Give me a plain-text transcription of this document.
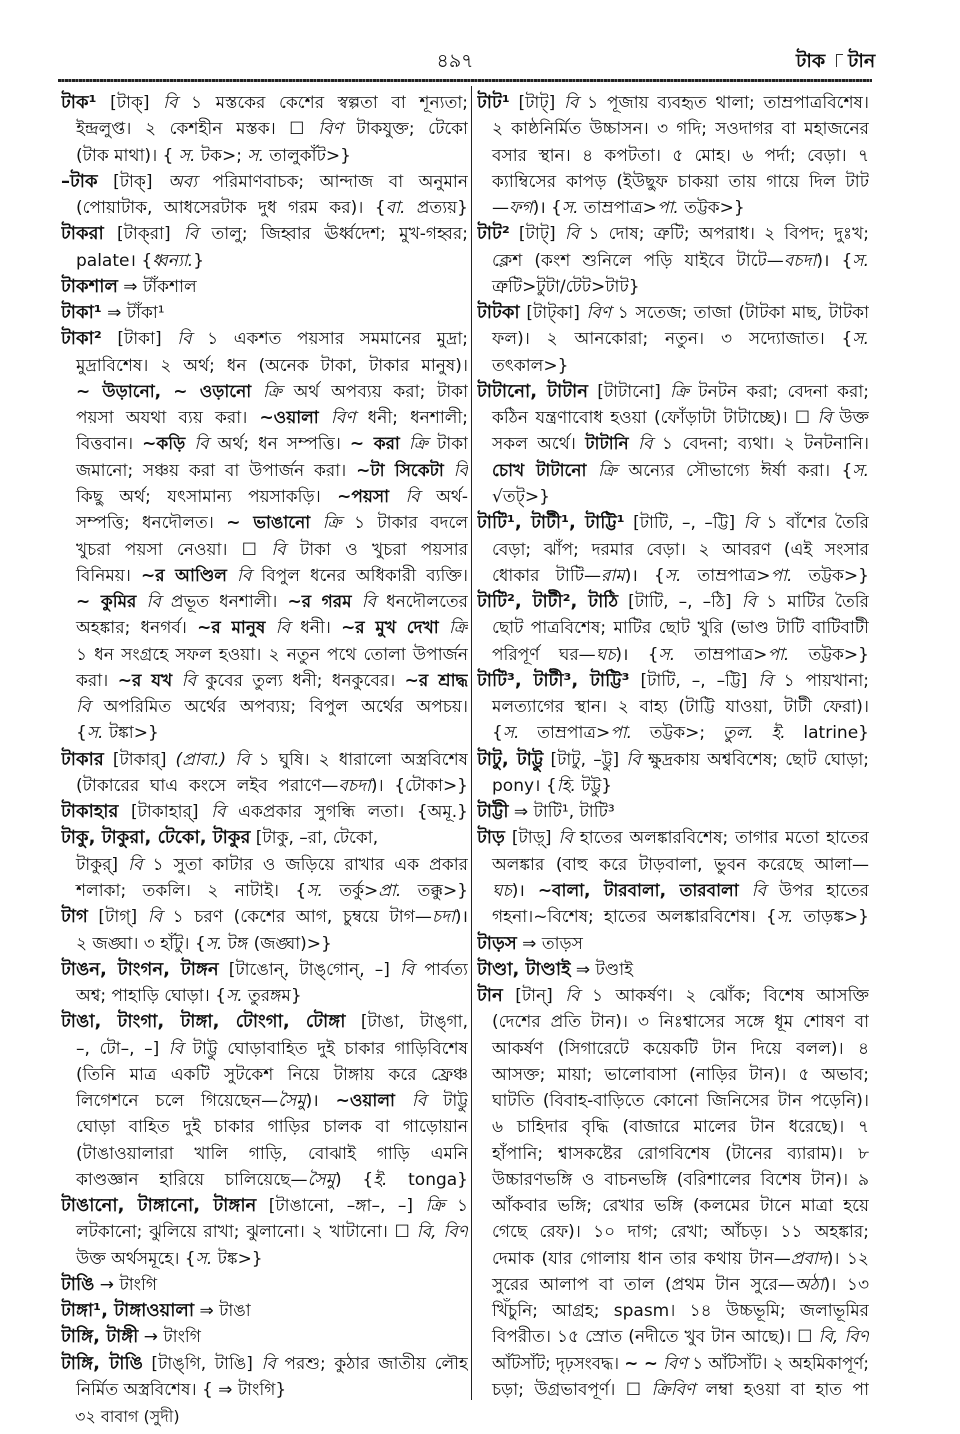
৪৯৭	টাক টান
টাক¹ [টাক্] বি ১ মস্তকের কেশের স্বল্পতা বা শূন্যতা;
ইন্দ্রলুপ্ত। ২ কেশহীন মস্তক। ☐ বিণ টাকযুক্ত; টেকো
(টাক মাথা)। { স. টক>; স. তালুকাঁট>}
–টাক [টাক্] অব্য পরিমাণবাচক; আন্দাজ বা অনুমান
(পোয়াটাক, আধসেরটাক দুধ গরম কর)। {বা. প্রত্যয়}
টাকরা [টাক্‌রা] বি তালু; জিহ্বার ঊর্ধ্বদেশ; মুখ-গহ্বর;
palate। {ধ্বন্যা.}
টাকশাল ⇒ টাঁকশাল
টাকা¹ ⇒ টাঁকা¹
টাকা² [টাকা] বি ১ একশত পয়সার সমমানের মুদ্রা;
মুদ্রাবিশেষ। ২ অর্থ; ধন (অনেক টাকা, টাকার মানুষ)।
~ উড়ানো, ~ ওড়ানো ক্রি অর্থ অপব্যয় করা; টাকা
পয়সা অযথা ব্যয় করা। ~ওয়ালা বিণ ধনী; ধনশালী;
বিত্তবান। ~কড়ি বি অর্থ; ধন সম্পত্তি। ~ করা ক্রি টাকা
জমানো; সঞ্চয় করা বা উপার্জন করা। ~টা সিকেটা বি
কিছু অর্থ; যৎসামান্য পয়সাকড়ি। ~পয়সা বি অর্থ-
সম্পত্তি; ধনদৌলত। ~ ভাঙানো ক্রি ১ টাকার বদলে
খুচরা পয়সা নেওয়া। ☐ বি টাকা ও খুচরা পয়সার
বিনিময়। ~র আণ্ডিল বি বিপুল ধনের অধিকারী ব্যক্তি।
~ কুমির বি প্রভূত ধনশালী। ~র গরম বি ধনদৌলতের
অহঙ্কার; ধনগর্ব। ~র মানুষ বি ধনী। ~র মুখ দেখা ক্রি
১ ধন সংগ্রহে সফল হওয়া। ২ নতুন পথে তোলা উপার্জন
করা। ~র যখ বি কুবের তুল্য ধনী; ধনকুবের। ~র শ্রাদ্ধ
বি অপরিমিত অর্থের অপব্যয়; বিপুল অর্থের অপচয়।
{স. টঙ্কা>}
টাকার [টাকার্] (প্রাবা.) বি ১ ঘুষি। ২ ধারালো অস্ত্রবিশেষ
(টাকারের ঘাএ কংসে লইব পরাণে—বচদা)। {টোকা>}
টাকাহার [টাকাহার্] বি একপ্রকার সুগন্ধি লতা। {অমূ.}
টাকু, টাকুরা, টেকো, টাকুর [টাকু, –রা, টেকো,
টাকুর্] বি ১ সুতা কাটার ও জড়িয়ে রাখার এক প্রকার
শলাকা; তকলি। ২ নাটাই। {স. তর্কু>প্রা. তক্কু>}
টাগ [টাগ্] বি ১ চরণ (কেশের আগ, চুম্বয়ে টাগ—চদা)।
২ জঙ্ঘা। ৩ হাঁটু। {স. টঙ্গ (জঙ্ঘা)>}
টাঙন, টাংগন, টাঙ্গন [টাঙোন্, টাঙ্‌গোন্, –] বি পার্বত্য
অশ্ব; পাহাড়ি ঘোড়া। {স. তুরঙ্গম}
টাঙা, টাংগা, টাঙ্গা, টোংগা, টোঙ্গা [টাঙা, টাঙ্‌গা,
–, টো–, –] বি টাট্টু ঘোড়াবাহিত দুই চাকার গাড়িবিশেষ
(তিনি মাত্র একটি সুটকেশ নিয়ে টাঙ্গায় করে ফ্রেঞ্চ
লিগেশনে চলে গিয়েছেন—সৈমু)। ~ওয়ালা বি টাট্টু
ঘোড়া বাহিত দুই চাকার গাড়ির চালক বা গাড়োয়ান
(টাঙাওয়ালারা খালি গাড়ি, বোঝাই গাড়ি এমনি
কাণ্ডজ্ঞান হারিয়ে চালিয়েছে—সৈমু) {ই. tonga}
টাঙানো, টাঙ্গানো, টাঙ্গান [টাঙানো, –ঙ্গা–, –] ক্রি ১
লটকানো; ঝুলিয়ে রাখা; ঝুলানো। ২ খাটানো। ☐ বি, বিণ
উক্ত অর্থসমূহে। {স. টঙ্ক>}
টাঙি → টাংগি
টাঙ্গা¹, টাঙ্গাওয়ালা ⇒ টাঙা
টাঙ্গি, টাঙ্গী → টাংগি
টাঙ্গি, টাঙি [টাঙ্‌গি, টাঙি] বি পরশু; কুঠার জাতীয় লৌহ
নির্মিত অস্ত্রবিশেষ। { ⇒ টাংগি}
টাট¹ [টাট্] বি ১ পূজায় ব্যবহৃত থালা; তাম্রপাত্রবিশেষ।
২ কাষ্ঠনির্মিত উচ্চাসন। ৩ গদি; সওদাগর বা মহাজনের
বসার স্থান। ৪ কপটতা। ৫ মোহ। ৬ পর্দা; বেড়া। ৭
ক্যাম্বিসের কাপড় (ইউছুফ চাকয়া তায় গায়ে দিল টাট
—ফগ)। {স. তাম্রপাত্র>পা. তট্টক>}
টাট² [টাট্] বি ১ দোষ; ত্রুটি; অপরাধ। ২ বিপদ; দুঃখ;
ক্লেশ (কংশ শুনিলে পড়ি যাইবে টাটে—বচদা)। {স.
ত্রুটি>টুটা/টেট>টাট}
টাটকা [টাট্‌কা] বিণ ১ সতেজ; তাজা (টাটকা মাছ, টাটকা
ফল)। ২ আনকোরা; নতুন। ৩ সদ্যোজাত। {স.
তৎকাল>}
টাটানো, টাটান [টাটানো] ক্রি টনটন করা; বেদনা করা;
কঠিন যন্ত্রণাবোধ হওয়া (ফোঁড়াটা টাটাচ্ছে)। ☐ বি উক্ত
সকল অর্থে। টাটানি বি ১ বেদনা; ব্যথা। ২ টনটনানি।
চোখ টাটানো ক্রি অন্যের সৌভাগ্যে ঈর্ষা করা। {স.
√তট্>}
টাটি¹, টাটী¹, টাট্টি¹ [টাটি, –, –ট্টি] বি ১ বাঁশের তৈরি
বেড়া; ঝাঁপ; দরমার বেড়া। ২ আবরণ (এই সংসার
ধোকার টাটি—রাম)। {স. তাম্রপাত্র>পা. তট্টক>}
টাটি², টাটী², টাঠি [টাটি, –, –ঠি] বি ১ মাটির তৈরি
ছোট পাত্রবিশেষ; মাটির ছোট খুরি (ভাণ্ড টাটি বাটিবাটী
পরিপূর্ণ ঘর—ঘচ)। {স. তাম্রপাত্র>পা. তট্টক>}
টাটি³, টাটী³, টাট্টি³ [টাটি, –, –ট্টি] বি ১ পায়খানা;
মলত্যাগের স্থান। ২ বাহ্য (টাট্টি যাওয়া, টাটী ফেরা)।
{স. তাম্রপাত্র>পা. তট্টক>; তুল. ই. latrine}
টাটু, টাট্টু [টাটু, –ট্টু] বি ক্ষুদ্রকায় অশ্ববিশেষ; ছোট ঘোড়া;
pony। {হি. টট্টু}
টাট্টী ⇒ টাটি¹, টাটি³
টাড় [টাড়্] বি হাতের অলঙ্কারবিশেষ; তাগার মতো হাতের
অলঙ্কার (বাহু করে টাড়বালা, ভুবন করেছে আলা—
ঘচ)। ~বালা, টারবালা, তারবালা বি উপর হাতের
গহনা।~বিশেষ; হাতের অলঙ্কারবিশেষ। {স. তাড়ঙ্ক>}
টাড়স ⇒ তাড়স
টাণ্ডা, টাণ্ডাই ⇒ টণ্ডাই
টান [টান্] বি ১ আকর্ষণ। ২ ঝোঁক; বিশেষ আসক্তি
(দেশের প্রতি টান)। ৩ নিঃশ্বাসের সঙ্গে ধূম শোষণ বা
আকর্ষণ (সিগারেটে কয়েকটি টান দিয়ে বলল)। ৪
আসক্ত; মায়া; ভালোবাসা (নাড়ির টান)। ৫ অভাব;
ঘাটতি (বিবাহ-বাড়িতে কোনো জিনিসের টান পড়েনি)।
৬ চাহিদার বৃদ্ধি (বাজারে মালের টান ধরেছে)। ৭
হাঁপানি; শ্বাসকষ্টের রোগবিশেষ (টানের ব্যারাম)। ৮
উচ্চারণভঙ্গি ও বাচনভঙ্গি (বরিশালের বিশেষ টান)। ৯
আঁকবার ভঙ্গি; রেখার ভঙ্গি (কলমের টানে মাত্রা হয়ে
গেছে রেফ)। ১০ দাগ; রেখা; আঁচড়। ১১ অহঙ্কার;
দেমাক (যার গোলায় ধান তার কথায় টান—প্রবাদ)। ১২
সুরের আলাপ বা তাল (প্রথম টান সুরে—অঠা)। ১৩
খিঁচুনি; আগ্রহ; spasm। ১৪ উচ্চভূমি; জলাভূমির
বিপরীত। ১৫ স্রোত (নদীতে খুব টান আছে)। ☐ বি, বিণ
আঁটসাঁট; দৃঢ়সংবদ্ধ। ~ ~ বিণ ১ আঁটসাঁট। ২ অহমিকাপূর্ণ;
চড়া; উগ্রভাবপূর্ণ। ☐ ক্রিবিণ লম্বা হওয়া বা হাত পা
৩২ বাবাগ (সুদী)
